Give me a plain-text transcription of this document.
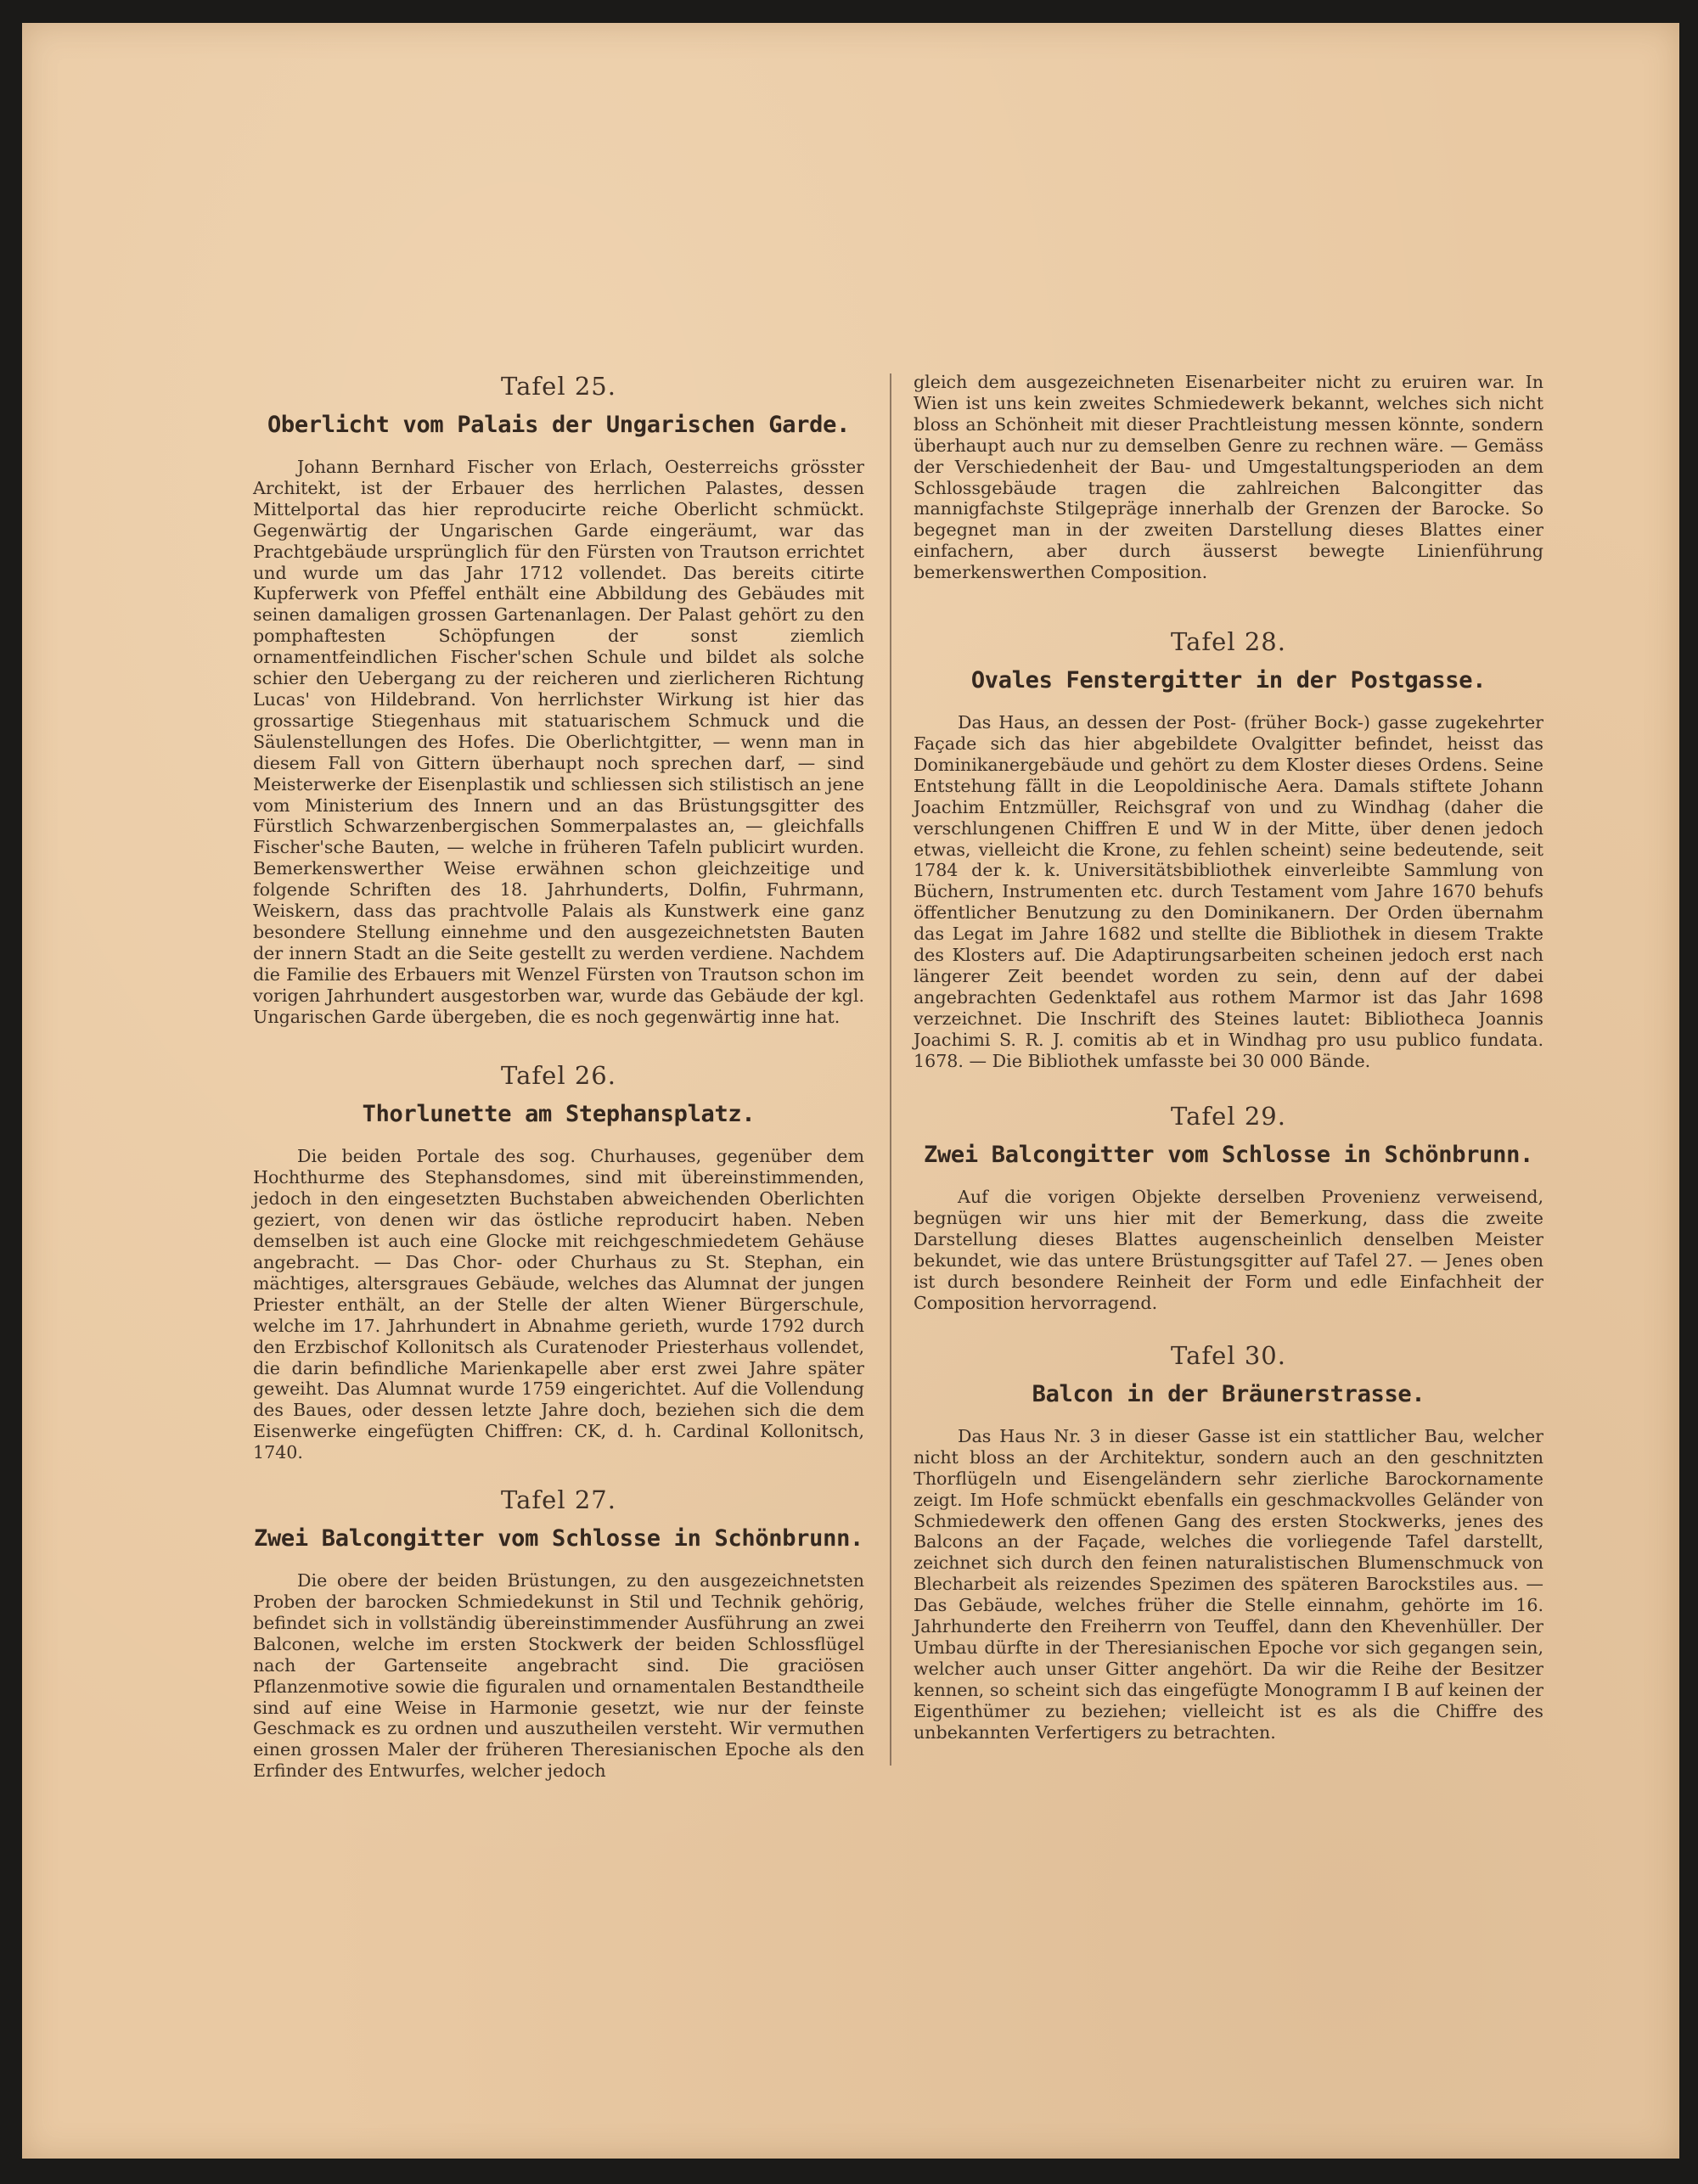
Tafel 25.
Oberlicht vom Palais der Ungarischen Garde.

Johann Bernhard Fischer von Erlach, Oesterreichs grösster Architekt, ist der Erbauer des herrlichen Palastes, dessen Mittelportal das hier reproducirte reiche Oberlicht schmückt. Gegenwärtig der Ungarischen Garde eingeräumt, war das Prachtgebäude ursprünglich für den Fürsten von Trautson errichtet und wurde um das Jahr 1712 vollendet. Das bereits citirte Kupferwerk von Pfeffel enthält eine Abbildung des Gebäudes mit seinen damaligen grossen Gartenanlagen. Der Palast gehört zu den pomphaftesten Schöpfungen der sonst ziemlich ornamentfeindlichen Fischer'schen Schule und bildet als solche schier den Uebergang zu der reicheren und zierlicheren Richtung Lucas' von Hildebrand. Von herrlichster Wirkung ist hier das grossartige Stiegenhaus mit statuarischem Schmuck und die Säulenstellungen des Hofes. Die Oberlichtgitter, — wenn man in diesem Fall von Gittern überhaupt noch sprechen darf, — sind Meisterwerke der Eisenplastik und schliessen sich stilistisch an jene vom Ministerium des Innern und an das Brüstungsgitter des Fürstlich Schwarzenbergischen Sommerpalastes an, — gleichfalls Fischer'sche Bauten, — welche in früheren Tafeln publicirt wurden. Bemerkenswerther Weise erwähnen schon gleichzeitige und folgende Schriften des 18. Jahrhunderts, Dolfin, Fuhrmann, Weiskern, dass das prachtvolle Palais als Kunstwerk eine ganz besondere Stellung einnehme und den ausgezeichnetsten Bauten der innern Stadt an die Seite gestellt zu werden verdiene. Nachdem die Familie des Erbauers mit Wenzel Fürsten von Trautson schon im vorigen Jahrhundert ausgestorben war, wurde das Gebäude der kgl. Ungarischen Garde übergeben, die es noch gegenwärtig inne hat.

Tafel 26.
Thorlunette am Stephansplatz.

Die beiden Portale des sog. Churhauses, gegenüber dem Hochthurme des Stephansdomes, sind mit übereinstimmenden, jedoch in den eingesetzten Buchstaben abweichenden Oberlichten geziert, von denen wir das östliche reproducirt haben. Neben demselben ist auch eine Glocke mit reichgeschmiedetem Gehäuse angebracht. — Das Chor- oder Churhaus zu St. Stephan, ein mächtiges, altersgraues Gebäude, welches das Alumnat der jungen Priester enthält, an der Stelle der alten Wiener Bürgerschule, welche im 17. Jahrhundert in Abnahme gerieth, wurde 1792 durch den Erzbischof Kollonitsch als Curatenoder Priesterhaus vollendet, die darin befindliche Marienkapelle aber erst zwei Jahre später geweiht. Das Alumnat wurde 1759 eingerichtet. Auf die Vollendung des Baues, oder dessen letzte Jahre doch, beziehen sich die dem Eisenwerke eingefügten Chiffren: CK, d. h. Cardinal Kollonitsch, 1740.

Tafel 27.
Zwei Balcongitter vom Schlosse in Schönbrunn.

Die obere der beiden Brüstungen, zu den ausgezeichnetsten Proben der barocken Schmiedekunst in Stil und Technik gehörig, befindet sich in vollständig übereinstimmender Ausführung an zwei Balconen, welche im ersten Stockwerk der beiden Schlossflügel nach der Gartenseite angebracht sind. Die graciösen Pflanzenmotive sowie die figuralen und ornamentalen Bestandtheile sind auf eine Weise in Harmonie gesetzt, wie nur der feinste Geschmack es zu ordnen und auszutheilen versteht. Wir vermuthen einen grossen Maler der früheren Theresianischen Epoche als den Erfinder des Entwurfes, welcher jedoch

gleich dem ausgezeichneten Eisenarbeiter nicht zu eruiren war. In Wien ist uns kein zweites Schmiedewerk bekannt, welches sich nicht bloss an Schönheit mit dieser Prachtleistung messen könnte, sondern überhaupt auch nur zu demselben Genre zu rechnen wäre. — Gemäss der Verschiedenheit der Bau- und Umgestaltungsperioden an dem Schlossgebäude tragen die zahlreichen Balcongitter das mannigfachste Stilgepräge innerhalb der Grenzen der Barocke. So begegnet man in der zweiten Darstellung dieses Blattes einer einfachern, aber durch äusserst bewegte Linienführung bemerkenswerthen Composition.

Tafel 28.
Ovales Fenstergitter in der Postgasse.

Das Haus, an dessen der Post- (früher Bock-) gasse zugekehrter Façade sich das hier abgebildete Ovalgitter befindet, heisst das Dominikanergebäude und gehört zu dem Kloster dieses Ordens. Seine Entstehung fällt in die Leopoldinische Aera. Damals stiftete Johann Joachim Entzmüller, Reichsgraf von und zu Windhag (daher die verschlungenen Chiffren E und W in der Mitte, über denen jedoch etwas, vielleicht die Krone, zu fehlen scheint) seine bedeutende, seit 1784 der k. k. Universitätsbibliothek einverleibte Sammlung von Büchern, Instrumenten etc. durch Testament vom Jahre 1670 behufs öffentlicher Benutzung zu den Dominikanern. Der Orden übernahm das Legat im Jahre 1682 und stellte die Bibliothek in diesem Trakte des Klosters auf. Die Adaptirungsarbeiten scheinen jedoch erst nach längerer Zeit beendet worden zu sein, denn auf der dabei angebrachten Gedenktafel aus rothem Marmor ist das Jahr 1698 verzeichnet. Die Inschrift des Steines lautet: Bibliotheca Joannis Joachimi S. R. J. comitis ab et in Windhag pro usu publico fundata. 1678. — Die Bibliothek umfasste bei 30 000 Bände.

Tafel 29.
Zwei Balcongitter vom Schlosse in Schönbrunn.

Auf die vorigen Objekte derselben Provenienz verweisend, begnügen wir uns hier mit der Bemerkung, dass die zweite Darstellung dieses Blattes augenscheinlich denselben Meister bekundet, wie das untere Brüstungsgitter auf Tafel 27. — Jenes oben ist durch besondere Reinheit der Form und edle Einfachheit der Composition hervorragend.

Tafel 30.
Balcon in der Bräunerstrasse.

Das Haus Nr. 3 in dieser Gasse ist ein stattlicher Bau, welcher nicht bloss an der Architektur, sondern auch an den geschnitzten Thorflügeln und Eisengeländern sehr zierliche Barockornamente zeigt. Im Hofe schmückt ebenfalls ein geschmackvolles Geländer von Schmiedewerk den offenen Gang des ersten Stockwerks, jenes des Balcons an der Façade, welches die vorliegende Tafel darstellt, zeichnet sich durch den feinen naturalistischen Blumenschmuck von Blecharbeit als reizendes Spezimen des späteren Barockstiles aus. — Das Gebäude, welches früher die Stelle einnahm, gehörte im 16. Jahrhunderte den Freiherrn von Teuffel, dann den Khevenhüller. Der Umbau dürfte in der Theresianischen Epoche vor sich gegangen sein, welcher auch unser Gitter angehört. Da wir die Reihe der Besitzer kennen, so scheint sich das eingefügte Monogramm I B auf keinen der Eigenthümer zu beziehen; vielleicht ist es als die Chiffre des unbekannten Verfertigers zu betrachten.
